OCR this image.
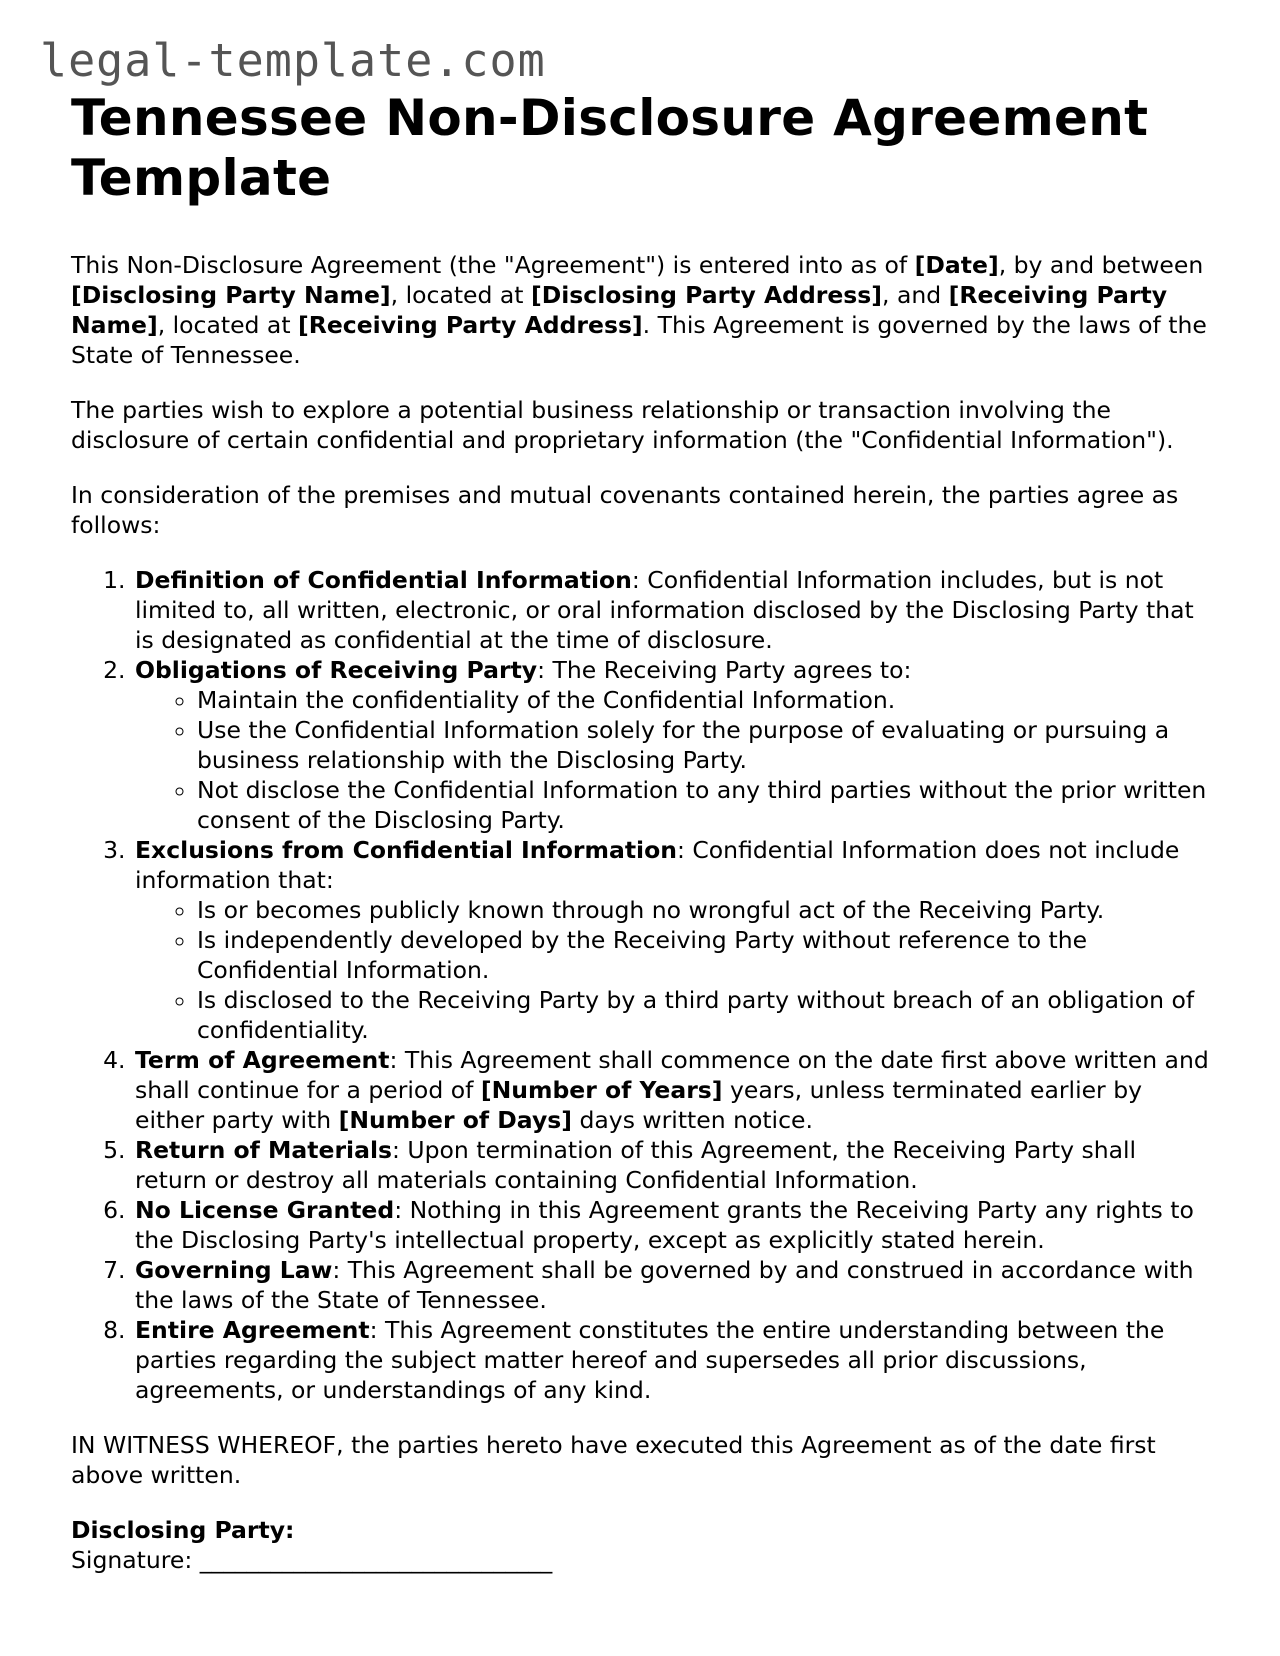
legal-template.com
Tennessee Non-Disclosure Agreement Template

This Non-Disclosure Agreement (the "Agreement") is entered into as of [Date], by and between [Disclosing Party Name], located at [Disclosing Party Address], and [Receiving Party Name], located at [Receiving Party Address]. This Agreement is governed by the laws of the State of Tennessee.

The parties wish to explore a potential business relationship or transaction involving the disclosure of certain confidential and proprietary information (the "Confidential Information").

In consideration of the premises and mutual covenants contained herein, the parties agree as follows:

1. Definition of Confidential Information: Confidential Information includes, but is not limited to, all written, electronic, or oral information disclosed by the Disclosing Party that is designated as confidential at the time of disclosure.
2. Obligations of Receiving Party: The Receiving Party agrees to:
◦ Maintain the confidentiality of the Confidential Information.
◦ Use the Confidential Information solely for the purpose of evaluating or pursuing a business relationship with the Disclosing Party.
◦ Not disclose the Confidential Information to any third parties without the prior written consent of the Disclosing Party.
3. Exclusions from Confidential Information: Confidential Information does not include information that:
◦ Is or becomes publicly known through no wrongful act of the Receiving Party.
◦ Is independently developed by the Receiving Party without reference to the Confidential Information.
◦ Is disclosed to the Receiving Party by a third party without breach of an obligation of confidentiality.
4. Term of Agreement: This Agreement shall commence on the date first above written and shall continue for a period of [Number of Years] years, unless terminated earlier by either party with [Number of Days] days written notice.
5. Return of Materials: Upon termination of this Agreement, the Receiving Party shall return or destroy all materials containing Confidential Information.
6. No License Granted: Nothing in this Agreement grants the Receiving Party any rights to the Disclosing Party's intellectual property, except as explicitly stated herein.
7. Governing Law: This Agreement shall be governed by and construed in accordance with the laws of the State of Tennessee.
8. Entire Agreement: This Agreement constitutes the entire understanding between the parties regarding the subject matter hereof and supersedes all prior discussions, agreements, or understandings of any kind.

IN WITNESS WHEREOF, the parties hereto have executed this Agreement as of the date first above written.

Disclosing Party:

Signature: ______________________________
